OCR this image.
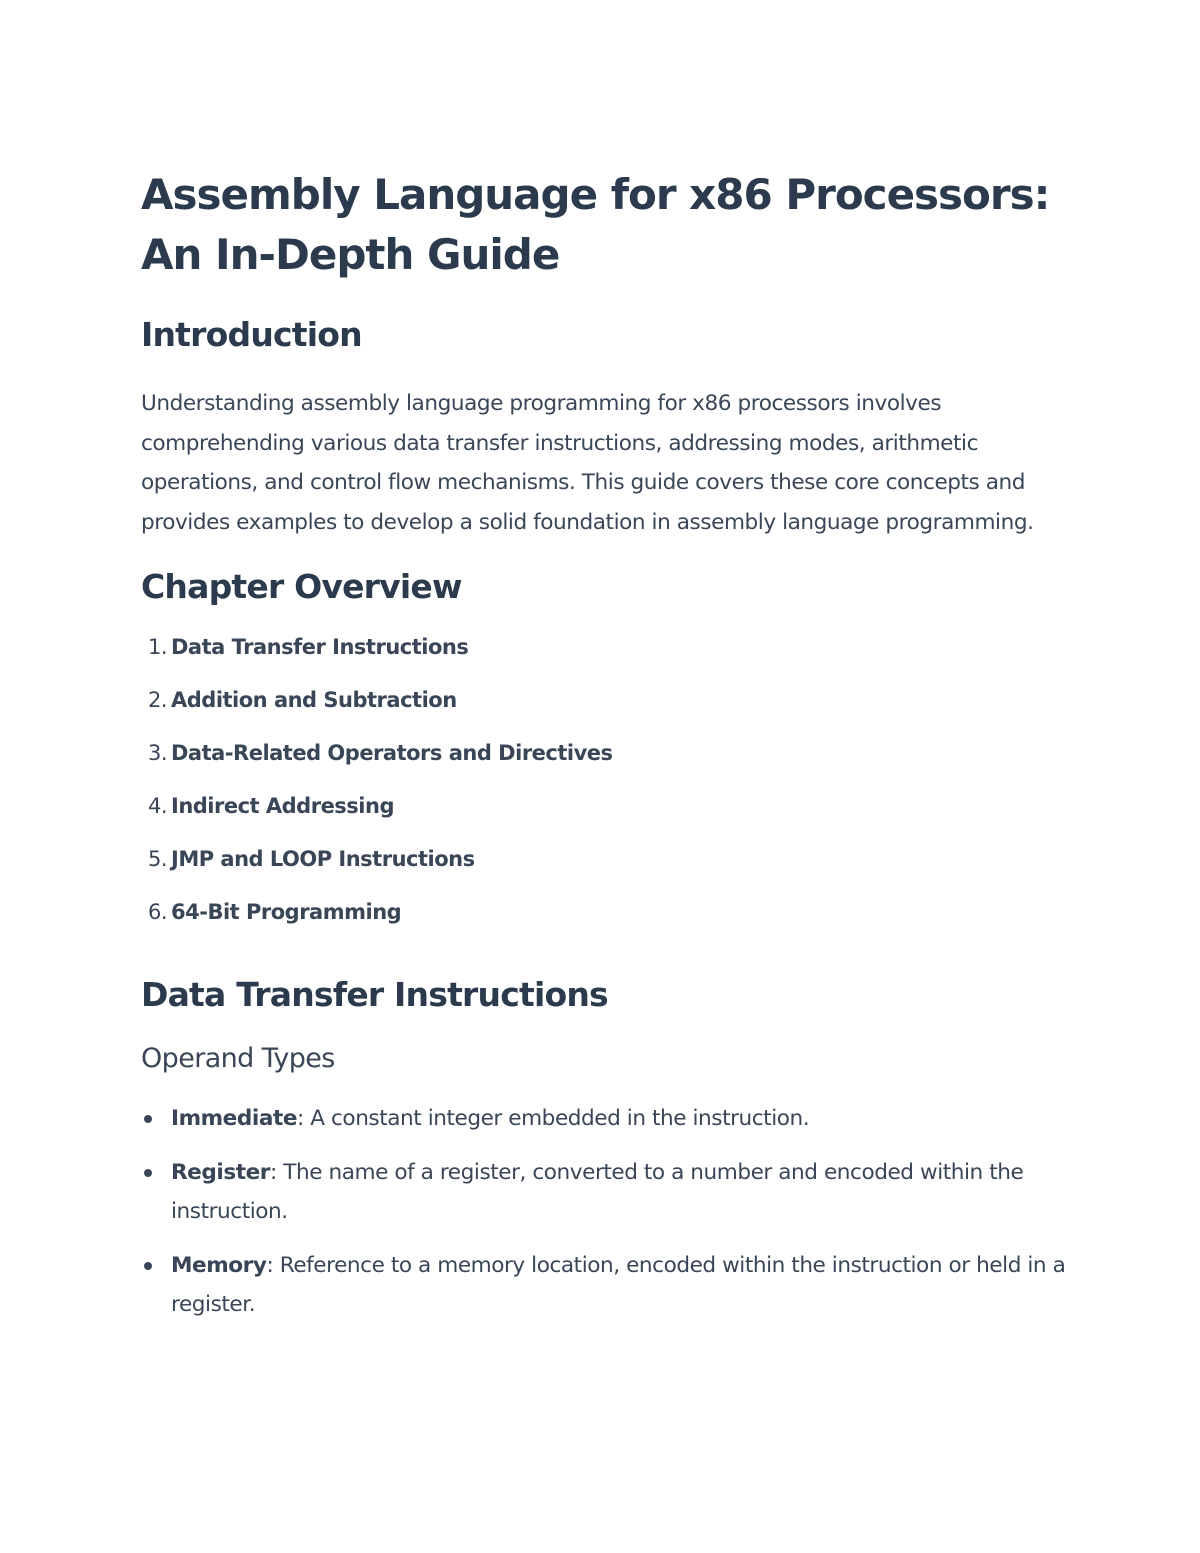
Assembly Language for x86 Processors:
An In-Depth Guide
Introduction

Understanding assembly language programming for x86 processors involves comprehending various data transfer instructions, addressing modes, arithmetic operations, and control flow mechanisms. This guide covers these core concepts and provides examples to develop a solid foundation in assembly language programming.

Chapter Overview
1. Data Transfer Instructions
2. Addition and Subtraction
3. Data-Related Operators and Directives
4. Indirect Addressing
5. JMP and LOOP Instructions
6. 64-Bit Programming
Data Transfer Instructions
Operand Types
Immediate: A constant integer embedded in the instruction.
Register: The name of a register, converted to a number and encoded within the instruction.
Memory: Reference to a memory location, encoded within the instruction or held in a register.
